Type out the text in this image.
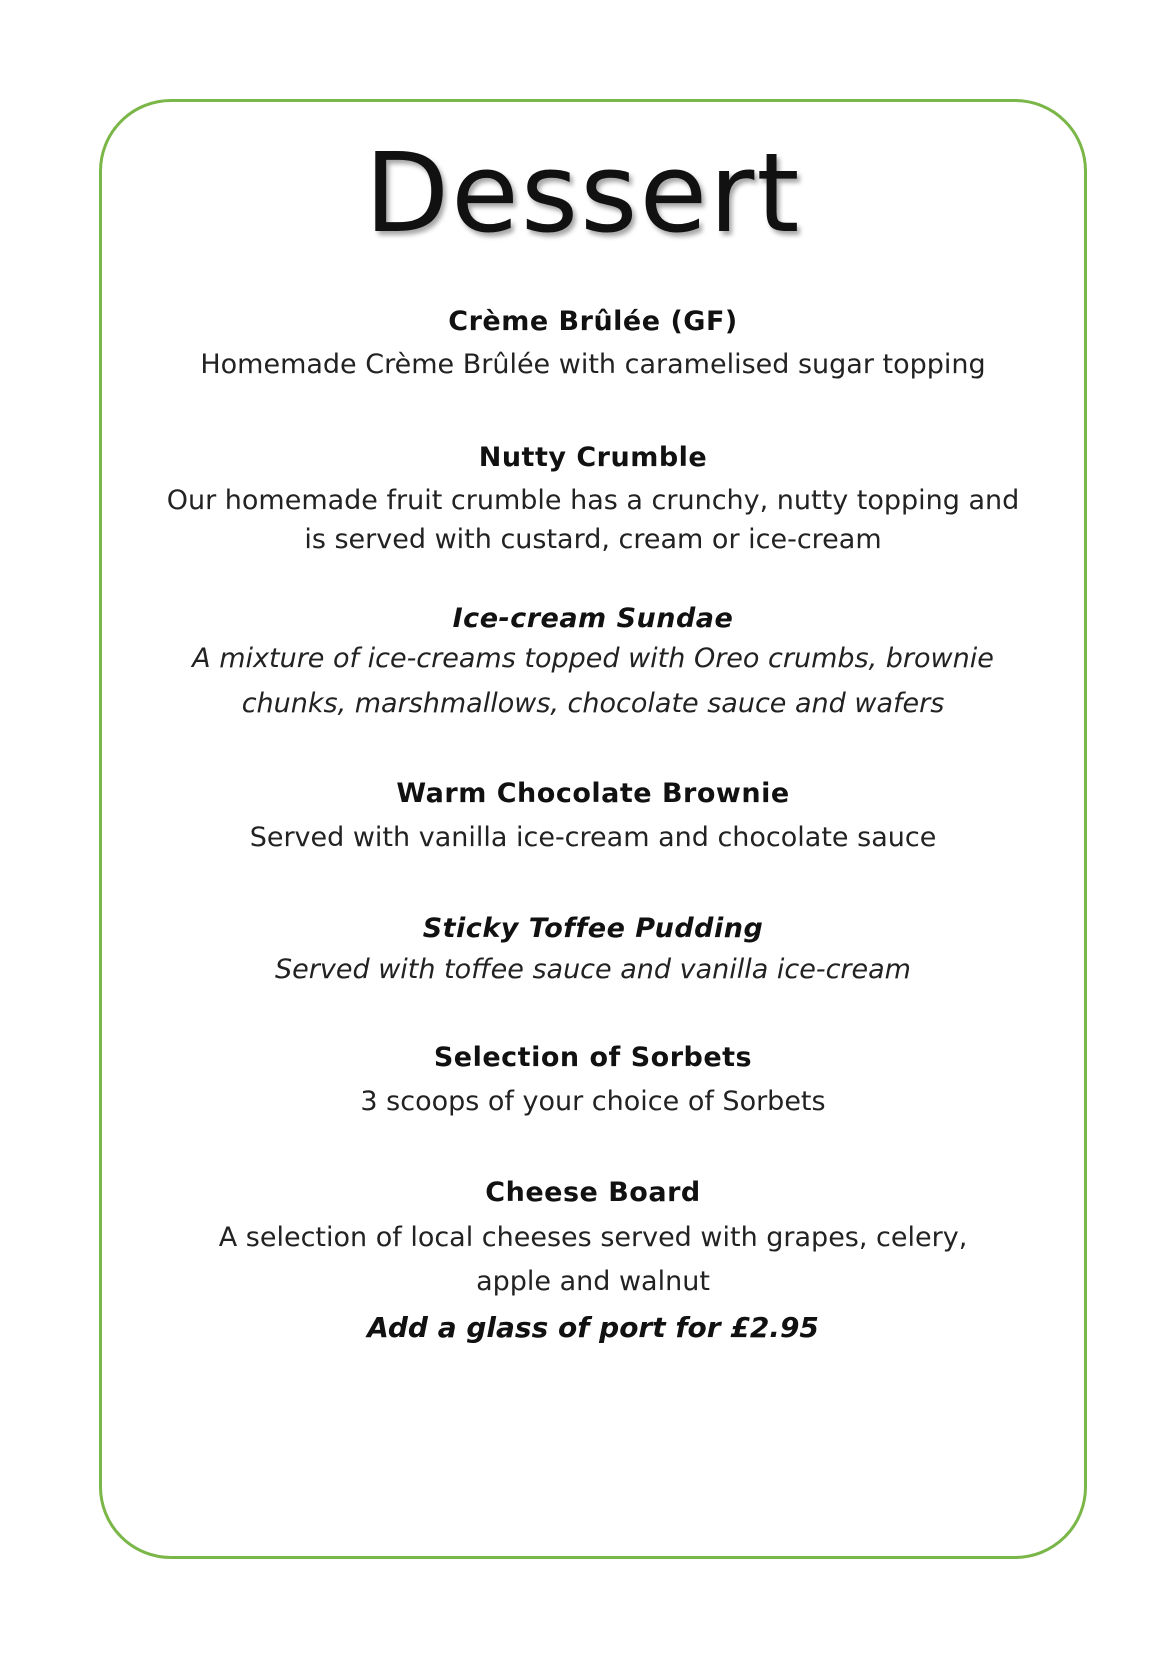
Dessert

Crème Brûlée (GF)

Homemade Crème Brûlée with caramelised sugar topping

Nutty Crumble

Our homemade fruit crumble has a crunchy, nutty topping and

is served with custard, cream or ice-cream

Ice-cream Sundae

A mixture of ice-creams topped with Oreo crumbs, brownie

chunks, marshmallows, chocolate sauce and wafers

Warm Chocolate Brownie

Served with vanilla ice-cream and chocolate sauce

Sticky Toffee Pudding

Served with toffee sauce and vanilla ice-cream

Selection of Sorbets

3 scoops of your choice of Sorbets

Cheese Board

A selection of local cheeses served with grapes, celery,

apple and walnut

Add a glass of port for £2.95
